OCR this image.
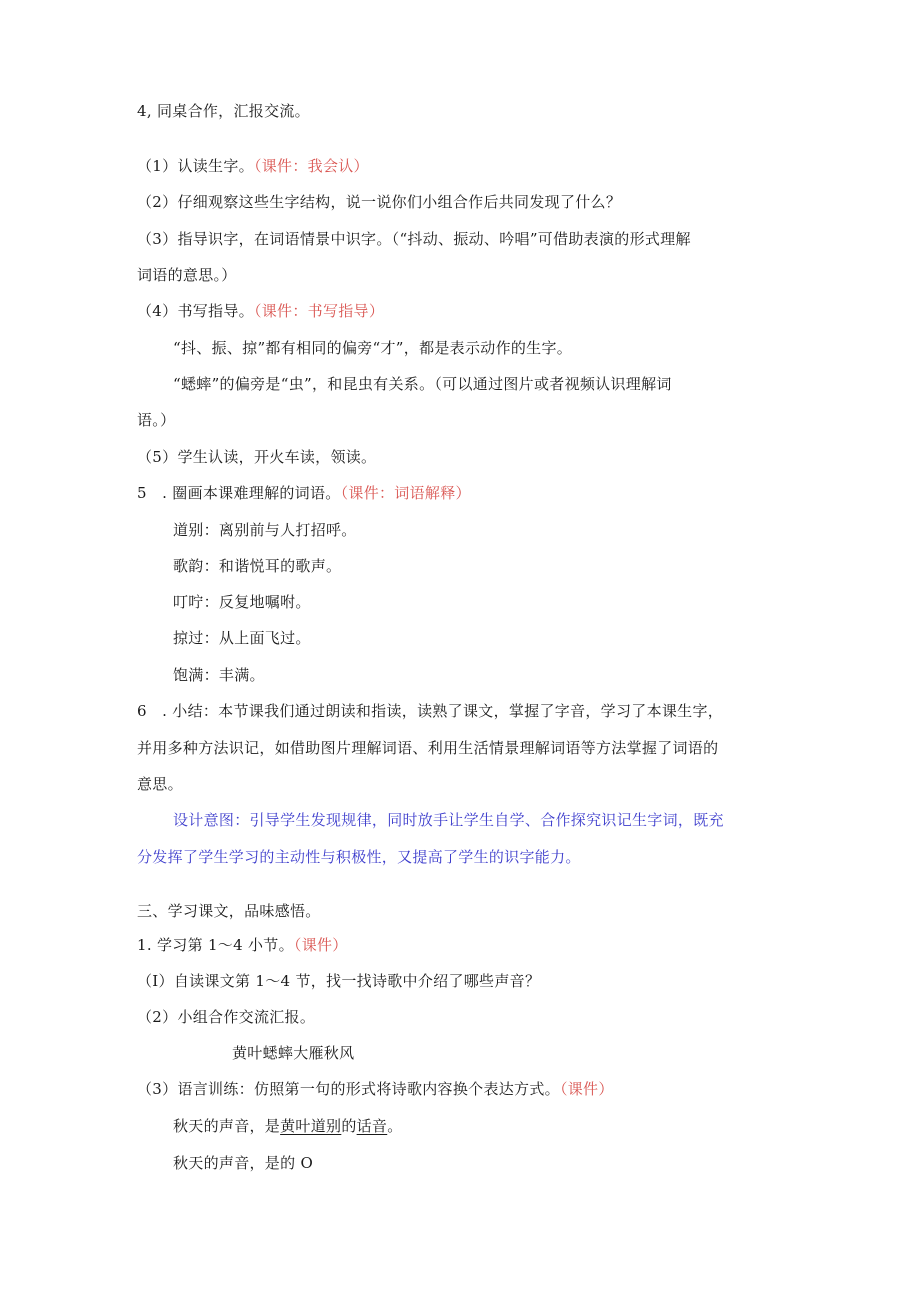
4, 同桌合作，汇报交流。
（1）认读生字。（课件：我会认）
（2）仔细观察这些生字结构，说一说你们小组合作后共同发现了什么？
（3）指导识字，在词语情景中识字。（“抖动、振动、吟唱”可借助表演的形式理解
词语的意思。）
（4）书写指导。（课件：书写指导）
“抖、振、掠”都有相同的偏旁“才”，都是表示动作的生字。
“蟋蟀”的偏旁是“虫”，和昆虫有关系。（可以通过图片或者视频认识理解词
语。）
（5）学生认读，开火车读，领读。
5　. 圈画本课难理解的词语。（课件：词语解释）
道别：离别前与人打招呼。
歌韵：和谐悦耳的歌声。
叮咛：反复地嘱咐。
掠过：从上面飞过。
饱满：丰满。
6　. 小结：本节课我们通过朗读和指读，读熟了课文，掌握了字音，学习了本课生字，
并用多种方法识记，如借助图片理解词语、利用生活情景理解词语等方法掌握了词语的
意思。
设计意图：引导学生发现规律，同时放手让学生自学、合作探究识记生字词，既充
分发挥了学生学习的主动性与积极性，又提高了学生的识字能力。
三、学习课文，品味感悟。
1. 学习第 1～4 小节。（课件）
（I）自读课文第 1～4 节，找一找诗歌中介绍了哪些声音？
（2）小组合作交流汇报。
黄叶蟋蟀大雁秋风
（3）语言训练：仿照第一句的形式将诗歌内容换个表达方式。（课件）
秋天的声音，是黄叶道别的话音。
秋天的声音，是的 O
